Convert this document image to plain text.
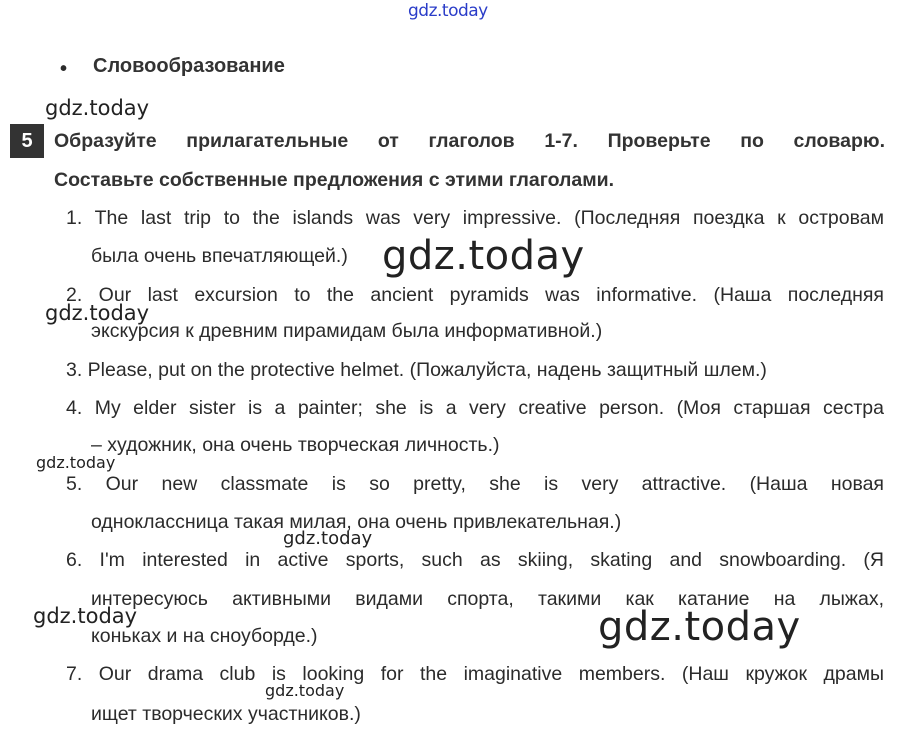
gdz.today
gdz.today
gdz.today
gdz.today
gdz.today
gdz.today
gdz.today	gdz.today
gdz.today
• Словообразование
5	Образуйте прилагательные от глаголов 1-7. Проверьте по словарю.
Составьте собственные предложения с этими глаголами.
1. The last trip to the islands was very impressive. (Последняя поездка к островам
была очень впечатляющей.)
2. Our last excursion to the ancient pyramids was informative. (Наша последняя
экскурсия к древним пирамидам была информативной.)
3. Please, put on the protective helmet. (Пожалуйста, надень защитный шлем.)
4. My elder sister is a painter; she is a very creative person. (Моя старшая сестра
– художник, она очень творческая личность.)
5. Our new classmate is so pretty, she is very attractive. (Наша новая
одноклассница такая милая, она очень привлекательная.)
6. I'm interested in active sports, such as skiing, skating and snowboarding. (Я
интересуюсь активными видами спорта, такими как катание на лыжах,
коньках и на сноуборде.)
7. Our drama club is looking for the imaginative members. (Наш кружок драмы
ищет творческих участников.)
